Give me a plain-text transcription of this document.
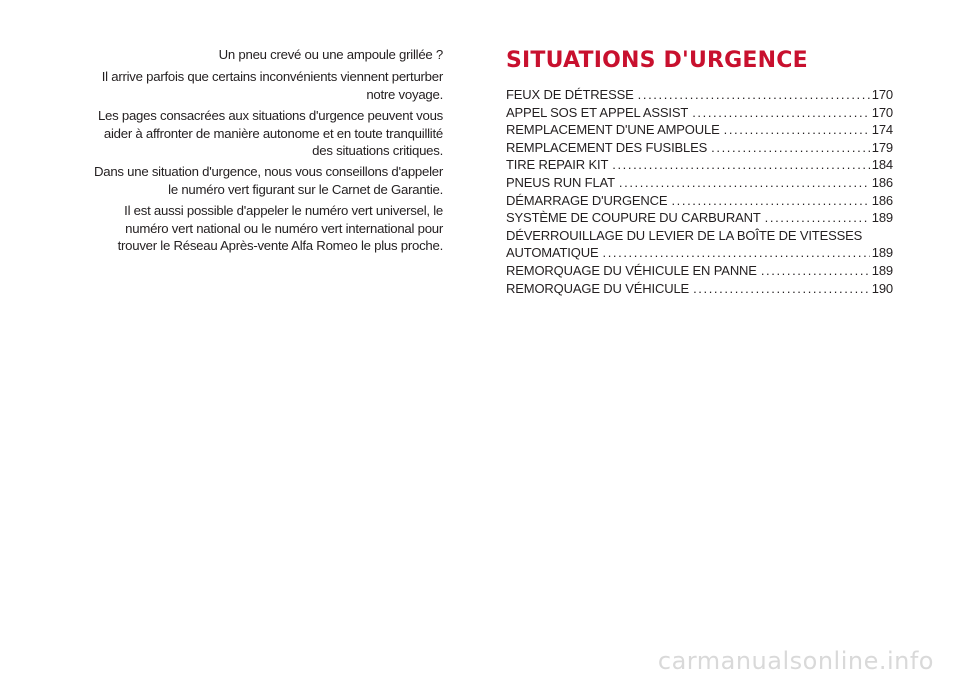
Un pneu crevé ou une ampoule grillée ?

Il arrive parfois que certains inconvénients viennent perturber notre voyage.

Les pages consacrées aux situations d'urgence peuvent vous aider à affronter de manière autonome et en toute tranquillité des situations critiques.

Dans une situation d'urgence, nous vous conseillons d'appeler le numéro vert figurant sur le Carnet de Garantie.

Il est aussi possible d'appeler le numéro vert universel, le numéro vert national ou le numéro vert international pour trouver le Réseau Après-vente Alfa Romeo le plus proche.

SITUATIONS D'URGENCE
FEUX DE DÉTRESSE .....	170
APPEL SOS ET APPEL ASSIST .....	170
REMPLACEMENT D'UNE AMPOULE .....	174
REMPLACEMENT DES FUSIBLES .....	179
TIRE REPAIR KIT .....	184
PNEUS RUN FLAT .....	186
DÉMARRAGE D'URGENCE .....	186
SYSTÈME DE COUPURE DU CARBURANT .....	189
DÉVERROUILLAGE DU LEVIER DE LA BOÎTE DE VITESSES
AUTOMATIQUE .....	189
REMORQUAGE DU VÉHICULE EN PANNE .....	189
REMORQUAGE DU VÉHICULE .....	190
carmanualsonline.info
